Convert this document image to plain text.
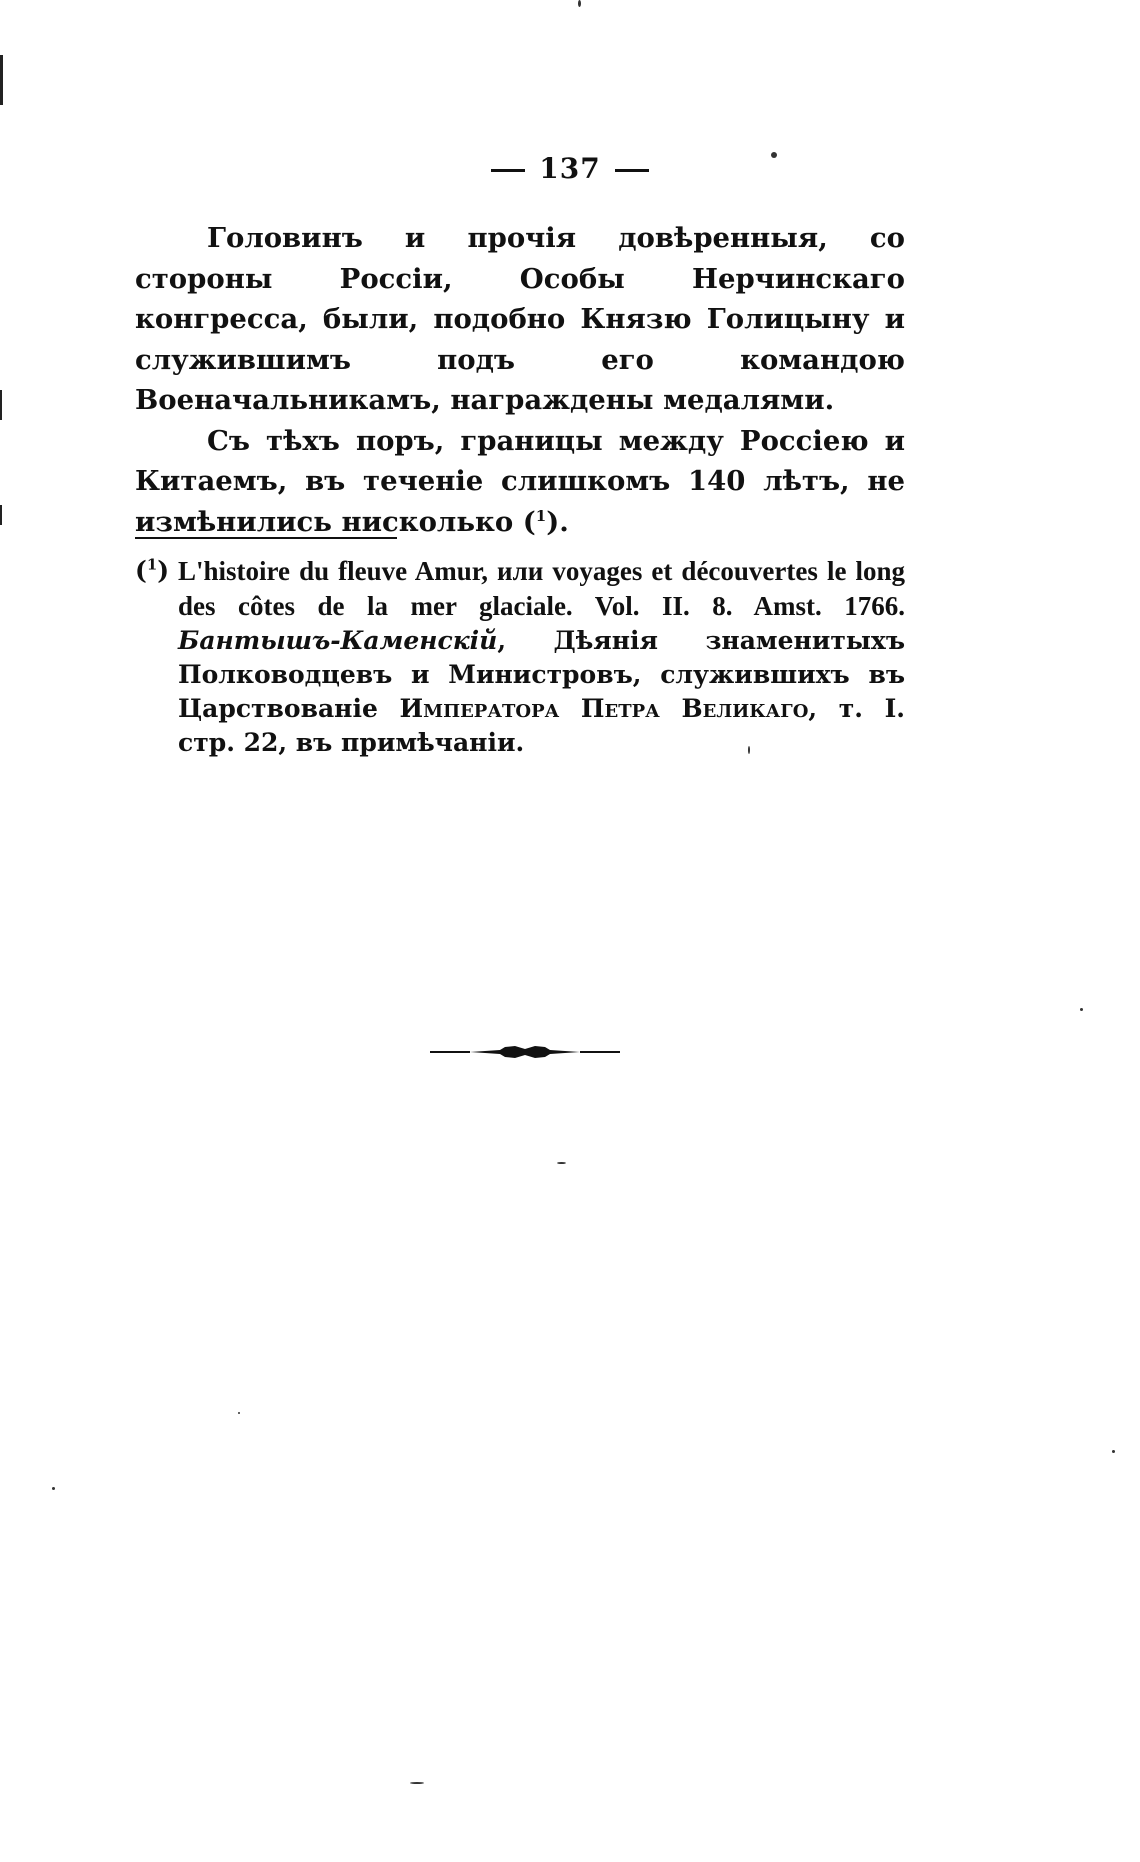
137

Головинъ и прочія довѣренныя, со стороны Россіи, Особы Нерчинскаго конгресса, были, подобно Князю Голицыну и служившимъ подъ его командою Военачальникамъ, награждены медалями.

Съ тѣхъ поръ, границы между Россіею и Китаемъ, въ теченіе слишкомъ 140 лѣтъ, не измѣнились нисколько ($^1$).

($^1$) L'histoire du fleuve Amur, или voyages et découvertes le long des côtes de la mer glaciale. Vol. II. 8. Amst. 1766. Бантышъ-Каменскій, Дѣянія знаменитыхъ Полководцевъ и Министровъ, служившихъ въ Царствованіе Императора Петра Великаго, т. I. стр. 22, въ примѣчаніи.
